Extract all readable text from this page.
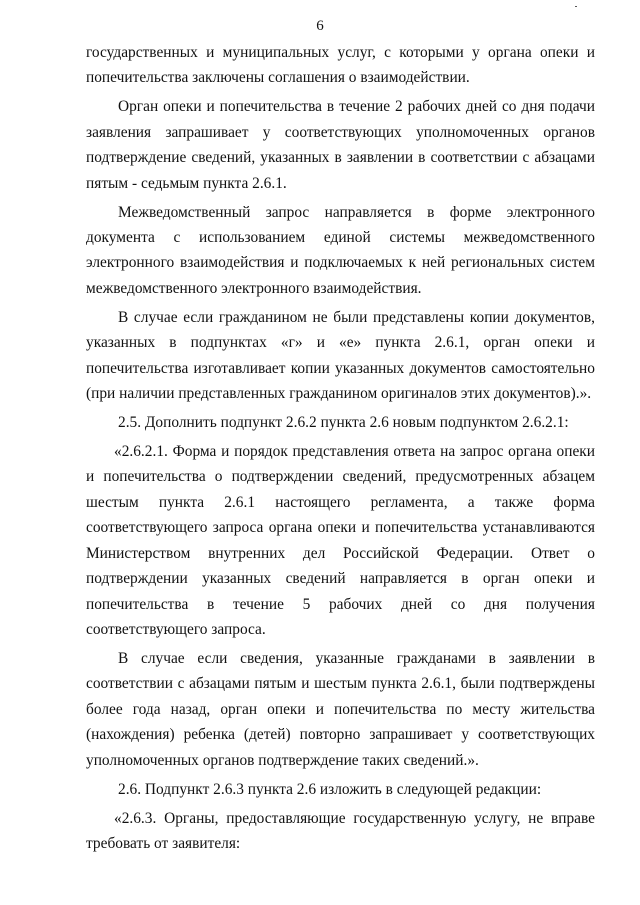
6

государственных и муниципальных услуг, с которыми у органа опеки и попечительства заключены соглашения о взаимодействии.

Орган опеки и попечительства в течение 2 рабочих дней со дня подачи заявления запрашивает у соответствующих уполномоченных органов подтверждение сведений, указанных в заявлении в соответствии с абзацами пятым - седьмым пункта 2.6.1.

Межведомственный запрос направляется в форме электронного документа с использованием единой системы межведомственного электронного взаимодействия и подключаемых к ней региональных систем межведомственного электронного взаимодействия.

В случае если гражданином не были представлены копии документов, указанных в подпунктах «г» и «е» пункта 2.6.1, орган опеки и попечительства изготавливает копии указанных документов самостоятельно (при наличии представленных гражданином оригиналов этих документов).».

2.5. Дополнить подпункт 2.6.2 пункта 2.6 новым подпунктом 2.6.2.1:

«2.6.2.1. Форма и порядок представления ответа на запрос органа опеки и попечительства о подтверждении сведений, предусмотренных абзацем шестым пункта 2.6.1 настоящего регламента, а также форма соответствующего запроса органа опеки и попечительства устанавливаются Министерством внутренних дел Российской Федерации. Ответ о подтверждении указанных сведений направляется в орган опеки и попечительства в течение 5 рабочих дней со дня получения соответствующего запроса.

В случае если сведения, указанные гражданами в заявлении в соответствии с абзацами пятым и шестым пункта 2.6.1, были подтверждены более года назад, орган опеки и попечительства по месту жительства (нахождения) ребенка (детей) повторно запрашивает у соответствующих уполномоченных органов подтверждение таких сведений.».

2.6. Подпункт 2.6.3 пункта 2.6 изложить в следующей редакции:

«2.6.3. Органы, предоставляющие государственную услугу, не вправе требовать от заявителя:
